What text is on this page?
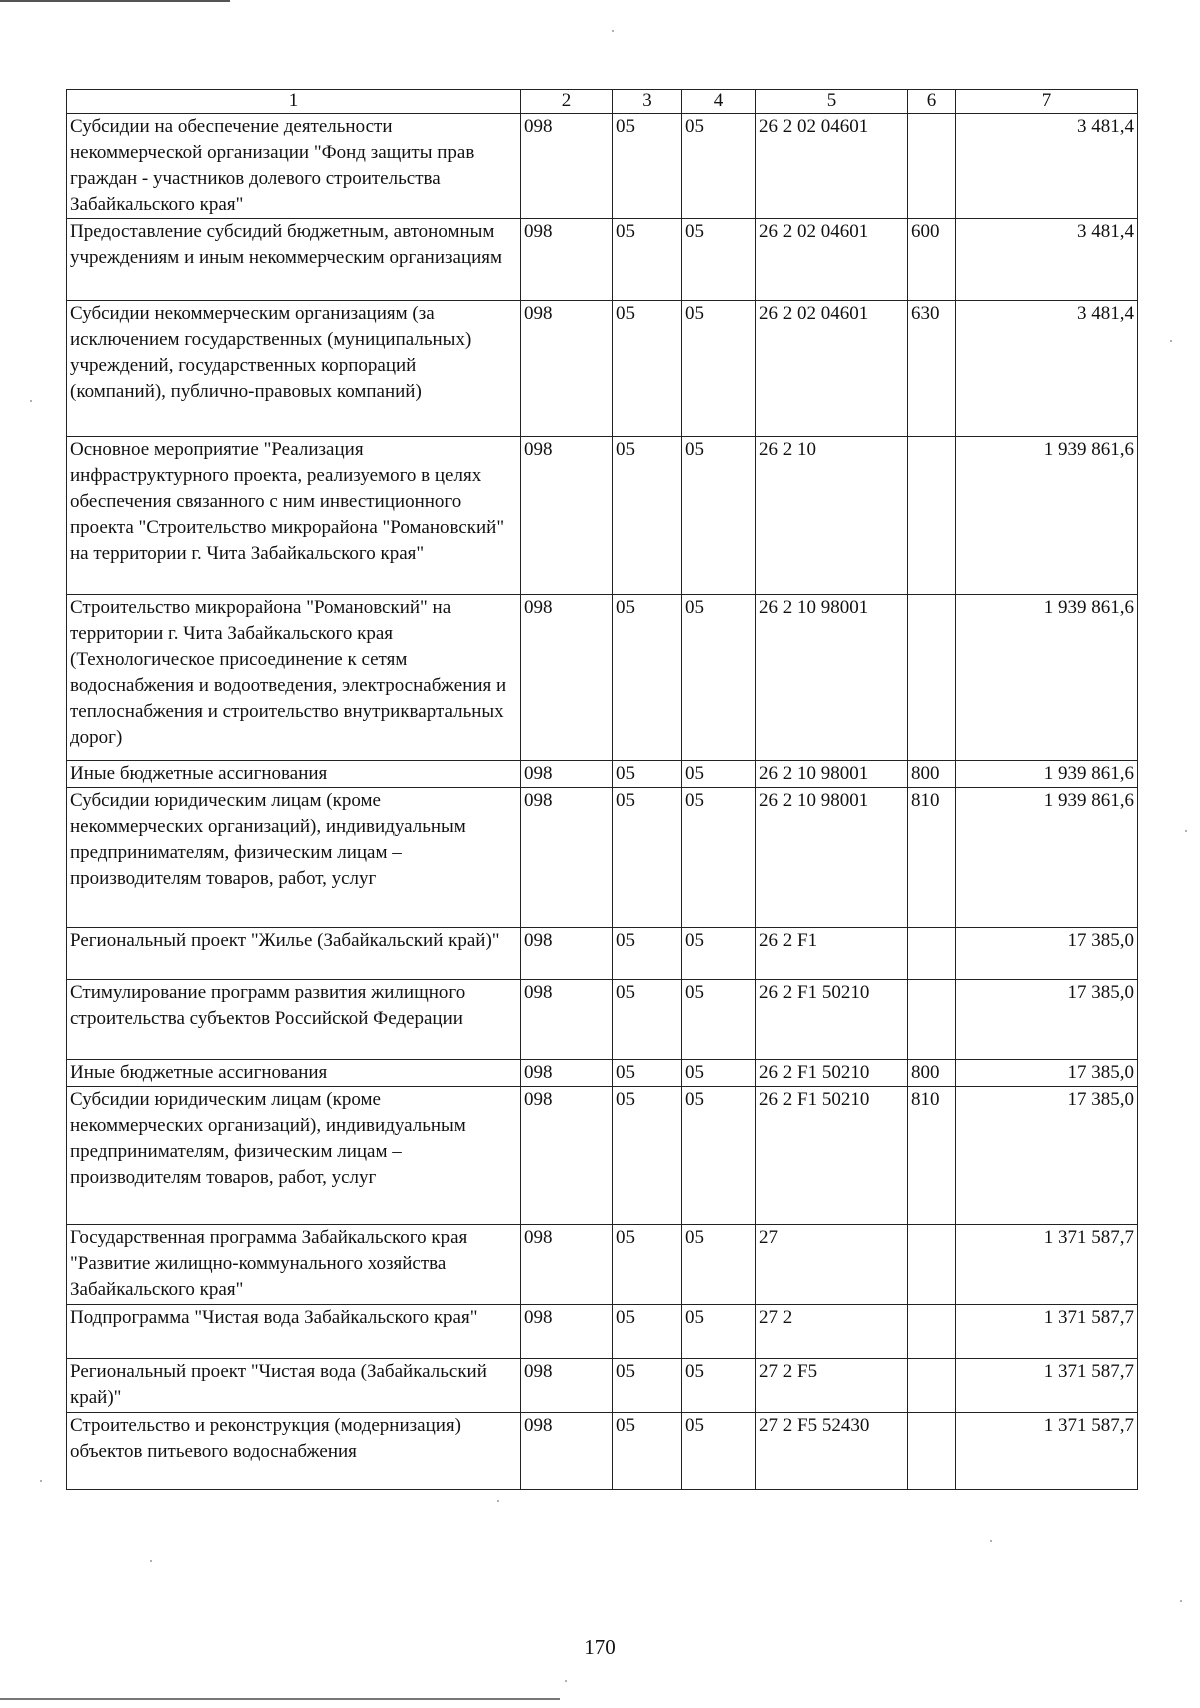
1	2	3	4	5	6	7
Субсидии на обеспечение деятельности некоммерческой организации "Фонд защиты прав граждан - участников долевого строительства Забайкальского края"	098	05	05	26 2 02 04601		3 481,4
Предоставление субсидий бюджетным, автономным учреждениям и иным некоммерческим организациям	098	05	05	26 2 02 04601	600	3 481,4
Субсидии некоммерческим организациям (за исключением государственных (муниципальных) учреждений, государственных корпораций (компаний), публично-правовых компаний)	098	05	05	26 2 02 04601	630	3 481,4
Основное мероприятие "Реализация инфраструктурного проекта, реализуемого в целях обеспечения связанного с ним инвестиционного проекта "Строительство микрорайона "Романовский" на территории г. Чита Забайкальского края"	098	05	05	26 2 10		1 939 861,6
Строительство микрорайона "Романовский" на территории г. Чита Забайкальского края (Технологическое присоединение к сетям водоснабжения и водоотведения, электроснабжения и теплоснабжения и строительство внутриквартальных дорог)	098	05	05	26 2 10 98001		1 939 861,6
Иные бюджетные ассигнования	098	05	05	26 2 10 98001	800	1 939 861,6
Субсидии юридическим лицам (кроме некоммерческих организаций), индивидуальным предпринимателям, физическим лицам – производителям товаров, работ, услуг	098	05	05	26 2 10 98001	810	1 939 861,6
Региональный проект "Жилье (Забайкальский край)"	098	05	05	26 2 F1		17 385,0
Стимулирование программ развития жилищного строительства субъектов Российской Федерации	098	05	05	26 2 F1 50210		17 385,0
Иные бюджетные ассигнования	098	05	05	26 2 F1 50210	800	17 385,0
Субсидии юридическим лицам (кроме некоммерческих организаций), индивидуальным предпринимателям, физическим лицам – производителям товаров, работ, услуг	098	05	05	26 2 F1 50210	810	17 385,0
Государственная программа Забайкальского края "Развитие жилищно-коммунального хозяйства Забайкальского края"	098	05	05	27		1 371 587,7
Подпрограмма "Чистая вода Забайкальского края"	098	05	05	27 2		1 371 587,7
Региональный проект "Чистая вода (Забайкальский край)"	098	05	05	27 2 F5		1 371 587,7
Строительство и реконструкция (модернизация) объектов питьевого водоснабжения	098	05	05	27 2 F5 52430		1 371 587,7
170
